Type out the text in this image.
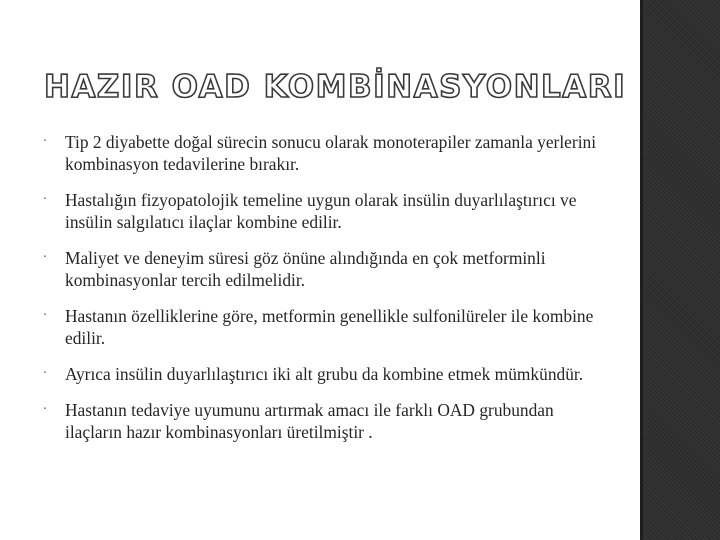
HAZIR OAD KOMBİNASYONLARI
· Tip 2 diyabette doğal sürecin sonucu olarak monoterapiler zamanla yerlerini kombinasyon tedavilerine bırakır.
· Hastalığın fizyopatolojik temeline uygun olarak insülin duyarlılaştırıcı ve insülin salgılatıcı ilaçlar kombine edilir.
· Maliyet ve deneyim süresi göz önüne alındığında en çok metforminli kombinasyonlar tercih edilmelidir.
· Hastanın özelliklerine göre, metformin genellikle sulfonilüreler ile kombine edilir.
· Ayrıca insülin duyarlılaştırıcı iki alt grubu da kombine etmek mümkündür.
· Hastanın tedaviye uyumunu artırmak amacı ile farklı OAD grubundan ilaçların hazır kombinasyonları üretilmiştir .
